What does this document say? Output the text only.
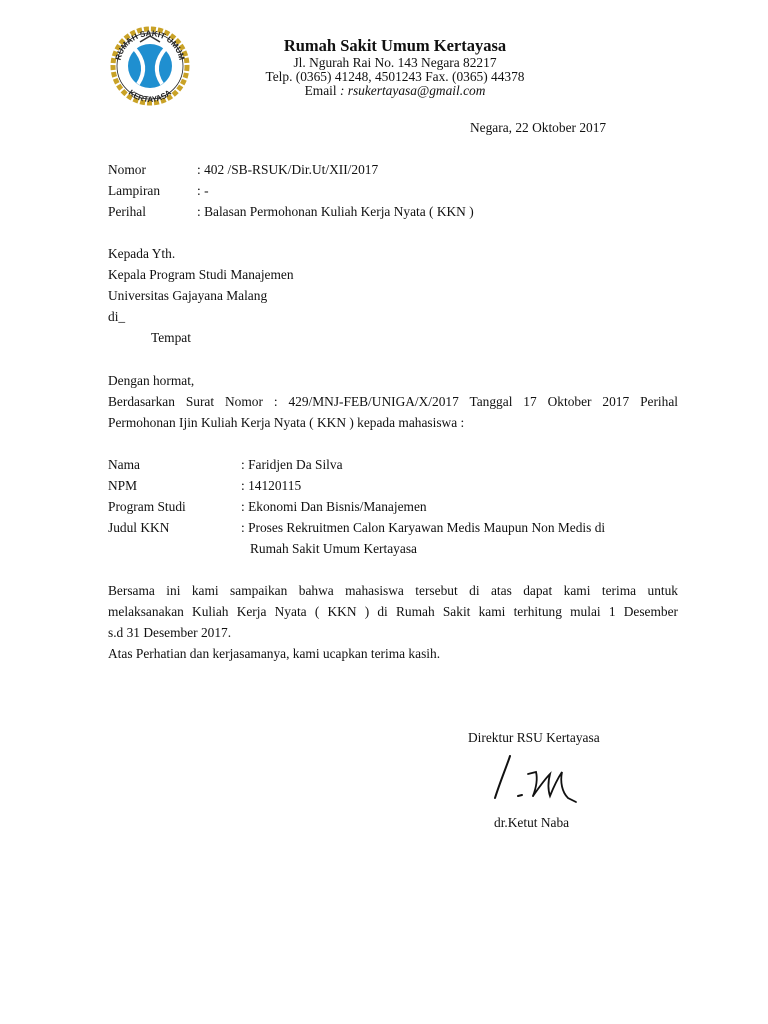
RUMAH SAKIT UMUM
KERTAYASA
Rumah Sakit Umum Kertayasa
Jl. Ngurah Rai No. 143 Negara 82217
Telp. (0365) 41248, 4501243 Fax. (0365) 44378
Email : rsukertayasa@gmail.com
Negara, 22 Oktober 2017
Nomor	: 402 /SB-RSUK/Dir.Ut/XII/2017
Lampiran	: -
Perihal	: Balasan Permohonan Kuliah Kerja Nyata ( KKN )
Kepada Yth.
Kepala Program Studi Manajemen
Universitas Gajayana Malang
di_
Tempat
Dengan hormat,
Berdasarkan Surat Nomor : 429/MNJ-FEB/UNIGA/X/2017 Tanggal 17 Oktober 2017 Perihal
Permohonan Ijin Kuliah Kerja Nyata ( KKN ) kepada mahasiswa :
Nama	: Faridjen Da Silva
NPM	: 14120115
Program Studi	: Ekonomi Dan Bisnis/Manajemen
Judul KKN	: Proses Rekruitmen Calon Karyawan Medis Maupun Non Medis di
Rumah Sakit Umum Kertayasa
Bersama ini kami sampaikan bahwa mahasiswa tersebut di atas dapat kami terima untuk
melaksanakan Kuliah Kerja Nyata ( KKN ) di Rumah Sakit kami terhitung mulai 1 Desember
s.d 31 Desember 2017.
Atas Perhatian dan kerjasamanya, kami ucapkan terima kasih.
Direktur RSU Kertayasa
dr.Ketut Naba
